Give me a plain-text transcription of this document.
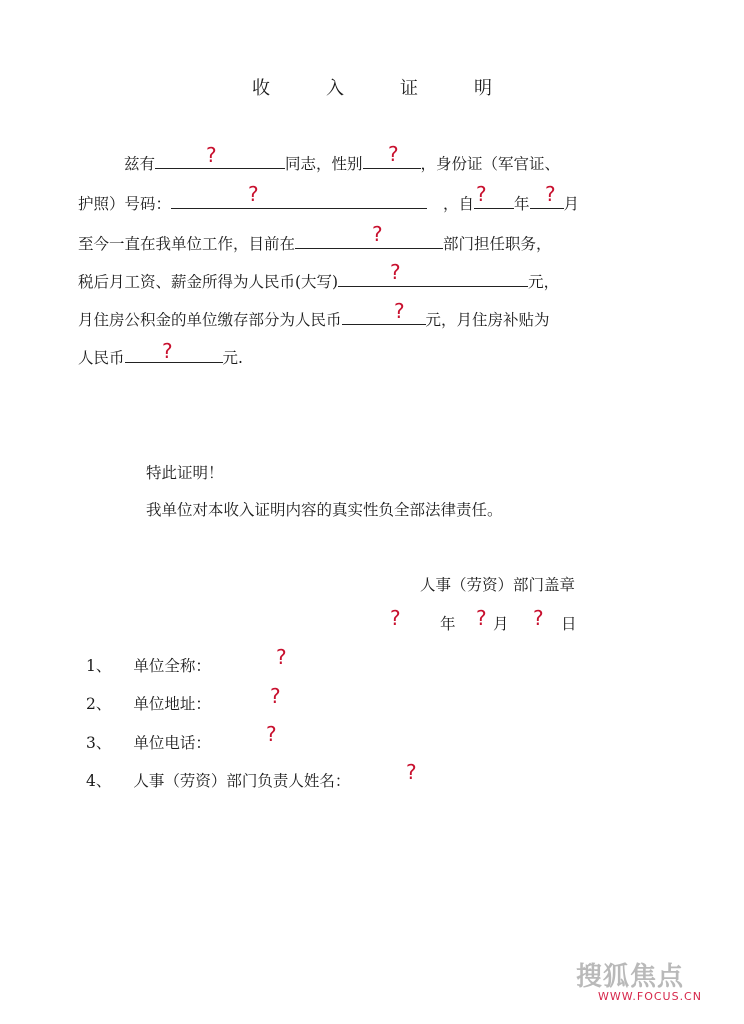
收	入	证	明
兹有	同志，性别	，身份证（军官证、
护照）号码：	，自	年 月
至今一直在我单位工作，目前在	部门担任职务，
税后月工资、薪金所得为人民币(大写)	元，
月住房公积金的单位缴存部分为人民币	元，月住房补贴为
人民币	元.
特此证明！
我单位对本收入证明内容的真实性负全部法律责任。
人事（劳资）部门盖章
年 月	日
1、 单位全称：
2、 单位地址：
3、 单位电话：
4、 人事（劳资）部门负责人姓名：
?	?
?	?	?
?
?
?
?
?	? ?
?
?
?
?
搜狐焦点
WWW.FOCUS.CN
